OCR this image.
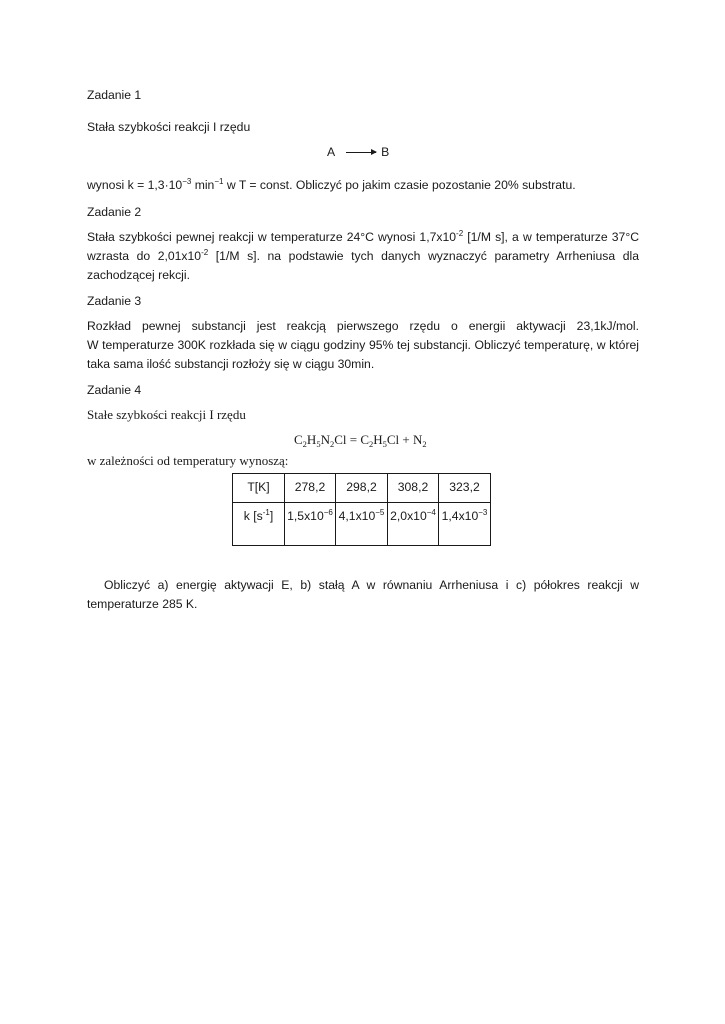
Zadanie 1
Stała szybkości reakcji I rzędu
A → B
wynosi $k = 1,3\cdot 10^{-3}$ $\min^{-1} w$ T = const. Obliczyć po jakim czasie pozostanie 20% substratu.
Zadanie 2
Stała szybkości pewnej reakcji w temperaturze 24°C wynosi $1,7x10^{-2}$ [1/M s], a w temperaturze 37°C
wzrasta do $2,01x10^{-2}$ [1/M s]. na podstawie tych danych wyznaczyć parametry Arrheniusa dla
zachodzącej rekcji.
Zadanie 3
Rozkład pewnej substancji jest reakcją pierwszego rzędu o energii aktywacji 23,1kJ/mol.
W temperaturze 300K rozkłada się w ciągu godziny 95% tej substancji. Obliczyć temperaturę, w której
taka sama ilość substancji rozłoży się w ciągu 30min.
Zadanie 4
Stałe szybkości reakcji I rzędu
$C_2H_5N_2Cl = C_2H_5Cl + N_2$
w zależności od temperatury wynoszą:
T[K]	278,2	298,2	308,2	323,2
k $[s^{-1}]$	$1,5x10^{-6}$	$4,1x10^{-5}$	$2,0x10^{-4}$	$1,4x10^{-3}$
Obliczyć a) energię aktywacji E, b) stałą A w równaniu Arrheniusa i c) półokres reakcji w
temperaturze 285 K.
